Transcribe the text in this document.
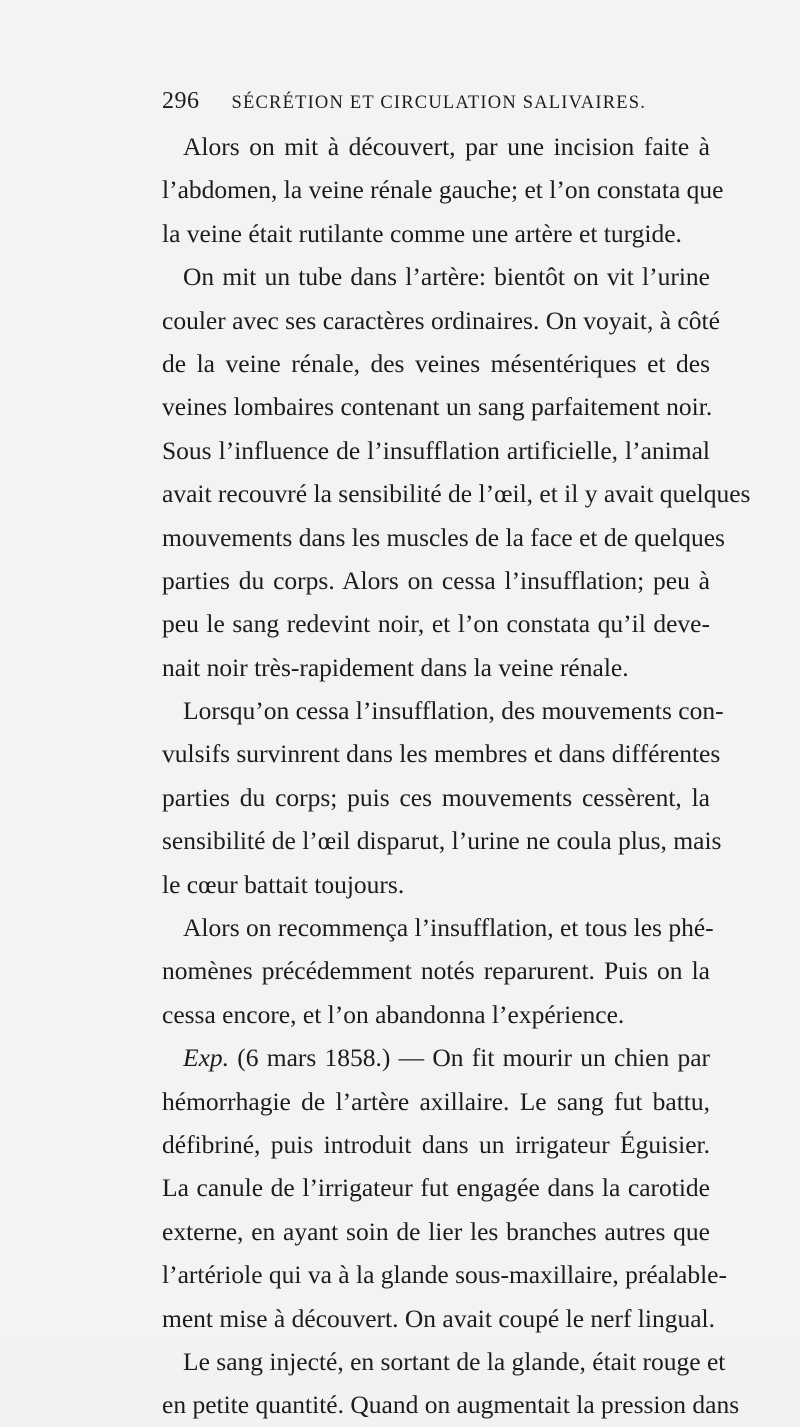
296 SÉCRÉTION ET CIRCULATION SALIVAIRES.
Alors on mit à découvert, par une incision faite à
l’abdomen, la veine rénale gauche; et l’on constata que
la veine était rutilante comme une artère et turgide.
On mit un tube dans l’artère: bientôt on vit l’urine
couler avec ses caractères ordinaires. On voyait, à côté
de la veine rénale, des veines mésentériques et des
veines lombaires contenant un sang parfaitement noir.
Sous l’influence de l’insufflation artificielle, l’animal
avait recouvré la sensibilité de l’œil, et il y avait quelques
mouvements dans les muscles de la face et de quelques
parties du corps. Alors on cessa l’insufflation; peu à
peu le sang redevint noir, et l’on constata qu’il deve-
nait noir très-rapidement dans la veine rénale.
Lorsqu’on cessa l’insufflation, des mouvements con-
vulsifs survinrent dans les membres et dans différentes
parties du corps; puis ces mouvements cessèrent, la
sensibilité de l’œil disparut, l’urine ne coula plus, mais
le cœur battait toujours.
Alors on recommença l’insufflation, et tous les phé-
nomènes précédemment notés reparurent. Puis on la
cessa encore, et l’on abandonna l’expérience.
Exp. (6 mars 1858.) — On fit mourir un chien par
hémorrhagie de l’artère axillaire. Le sang fut battu,
défibriné, puis introduit dans un irrigateur Éguisier.
La canule de l’irrigateur fut engagée dans la carotide
externe, en ayant soin de lier les branches autres que
l’artériole qui va à la glande sous-maxillaire, préalable-
ment mise à découvert. On avait coupé le nerf lingual.
Le sang injecté, en sortant de la glande, était rouge et
en petite quantité. Quand on augmentait la pression dans
